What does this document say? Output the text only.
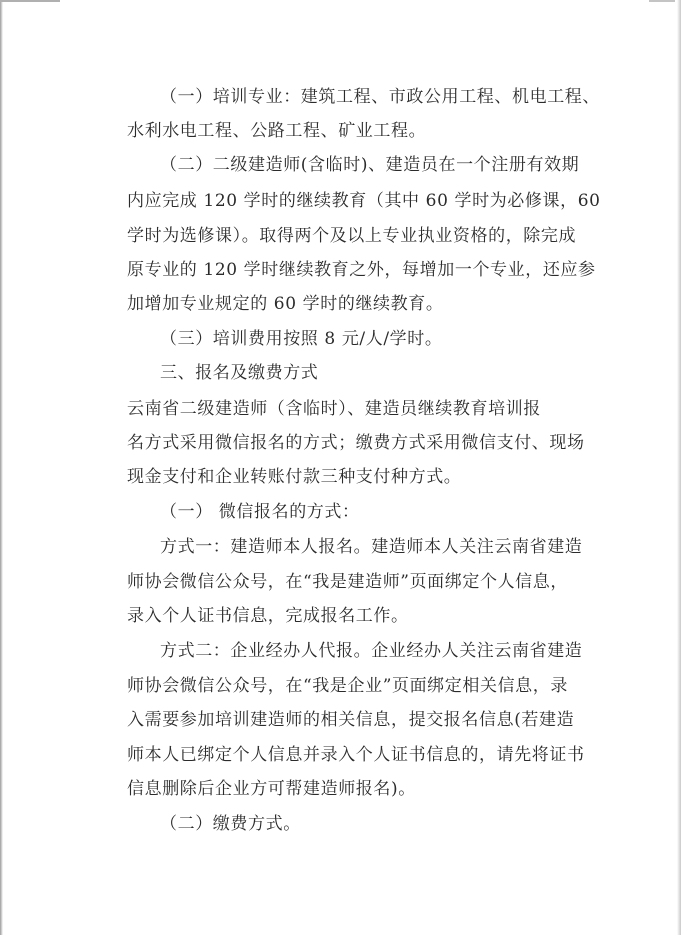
（一）培训专业：建筑工程、市政公用工程、机电工程、
水利水电工程、公路工程、矿业工程。
（二）二级建造师(含临时)、建造员在一个注册有效期
内应完成 120 学时的继续教育（其中 60 学时为必修课，60
学时为选修课）。取得两个及以上专业执业资格的，除完成
原专业的 120 学时继续教育之外，每增加一个专业，还应参
加增加专业规定的 60 学时的继续教育。
（三）培训费用按照 8 元/人/学时。
三、报名及缴费方式
云南省二级建造师（含临时）、建造员继续教育培训报
名方式采用微信报名的方式；缴费方式采用微信支付、现场
现金支付和企业转账付款三种支付种方式。
（一） 微信报名的方式：
方式一：建造师本人报名。建造师本人关注云南省建造
师协会微信公众号，在“我是建造师”页面绑定个人信息，
录入个人证书信息，完成报名工作。
方式二：企业经办人代报。企业经办人关注云南省建造
师协会微信公众号，在“我是企业”页面绑定相关信息，录
入需要参加培训建造师的相关信息，提交报名信息(若建造
师本人已绑定个人信息并录入个人证书信息的，请先将证书
信息删除后企业方可帮建造师报名)。
（二）缴费方式。
